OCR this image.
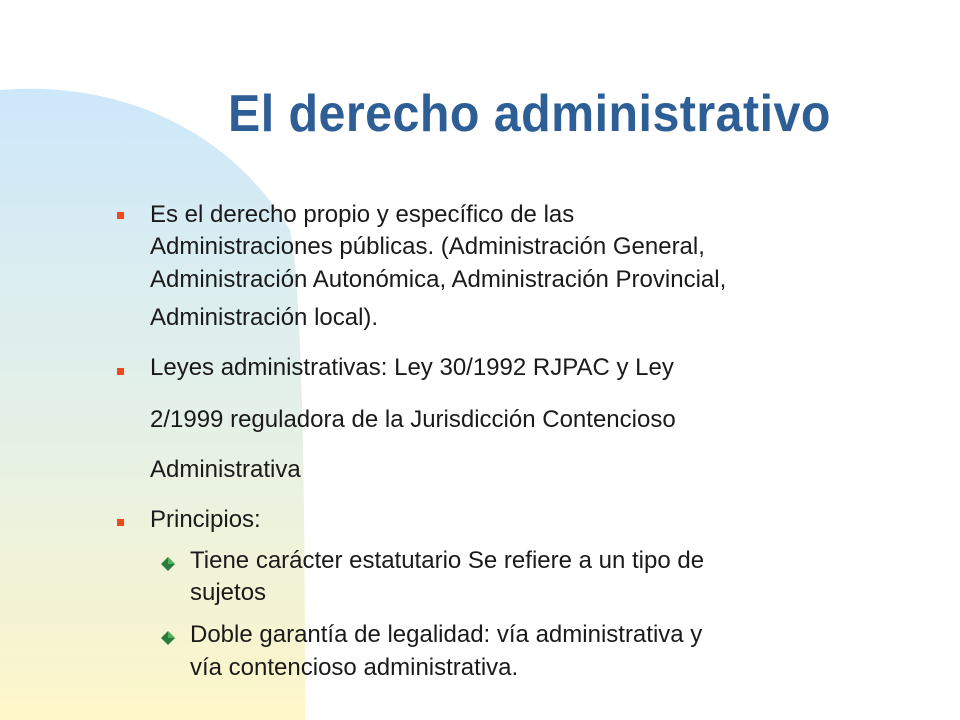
El derecho administrativo
Es el derecho propio y específico de las
Administraciones públicas. (Administración General,
Administración Autonómica, Administración Provincial,
Administración local).
Leyes administrativas: Ley 30/1992 RJPAC y Ley
2/1999 reguladora de la Jurisdicción Contencioso
Administrativa
Principios:
Tiene carácter estatutario Se refiere a un tipo de
sujetos
Doble garantía de legalidad: vía administrativa y
vía contencioso administrativa.
